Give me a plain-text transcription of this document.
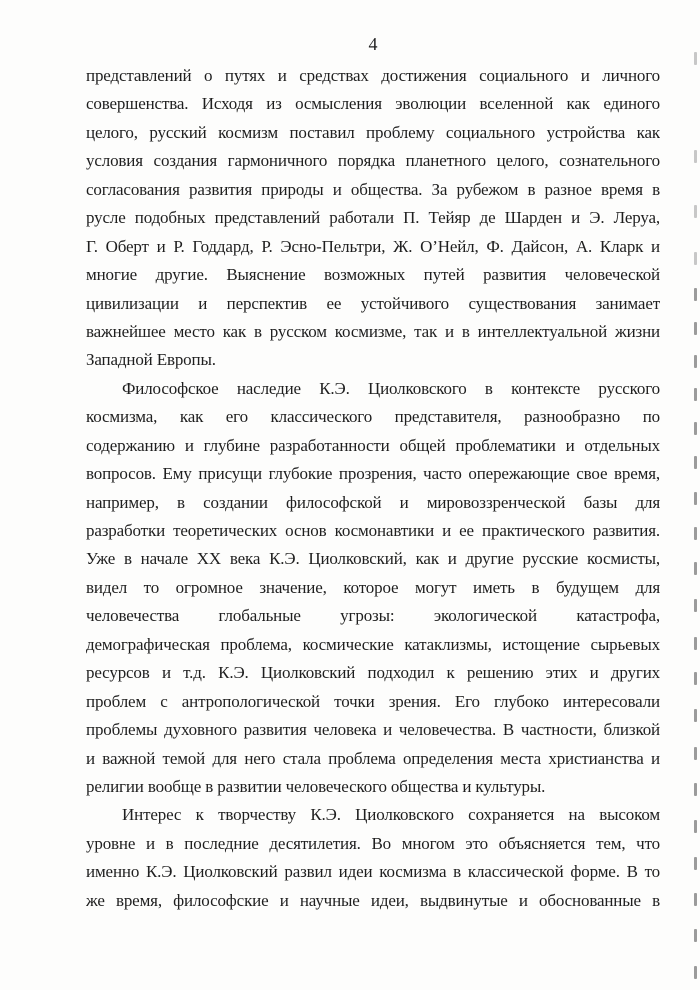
4
представлений о путях и средствах достижения социального и личного
совершенства. Исходя из осмысления эволюции вселенной как единого
целого, русский космизм поставил проблему социального устройства как
условия создания гармоничного порядка планетного целого, сознательного
согласования развития природы и общества. За рубежом в разное время в
русле подобных представлений работали П. Тейяр де Шарден и Э. Леруа,
Г. Оберт и Р. Годдард, Р. Эсно-Пельтри, Ж. О’Нейл, Ф. Дайсон, А. Кларк и
многие другие. Выяснение возможных путей развития человеческой
цивилизации и перспектив ее устойчивого существования занимает
важнейшее место как в русском космизме, так и в интеллектуальной жизни
Западной Европы.
Философское наследие К.Э. Циолковского в контексте русского
космизма, как его классического представителя, разнообразно по
содержанию и глубине разработанности общей проблематики и отдельных
вопросов. Ему присущи глубокие прозрения, часто опережающие свое время,
например, в создании философской и мировоззренческой базы для
разработки теоретических основ космонавтики и ее практического развития.
Уже в начале XX века К.Э. Циолковский, как и другие русские космисты,
видел то огромное значение, которое могут иметь в будущем для
человечества глобальные угрозы: экологической катастрофа,
демографическая проблема, космические катаклизмы, истощение сырьевых
ресурсов и т.д. К.Э. Циолковский подходил к решению этих и других
проблем с антропологической точки зрения. Его глубоко интересовали
проблемы духовного развития человека и человечества. В частности, близкой
и важной темой для него стала проблема определения места христианства и
религии вообще в развитии человеческого общества и культуры.
Интерес к творчеству К.Э. Циолковского сохраняется на высоком
уровне и в последние десятилетия. Во многом это объясняется тем, что
именно К.Э. Циолковский развил идеи космизма в классической форме. В то
же время, философские и научные идеи, выдвинутые и обоснованные в
